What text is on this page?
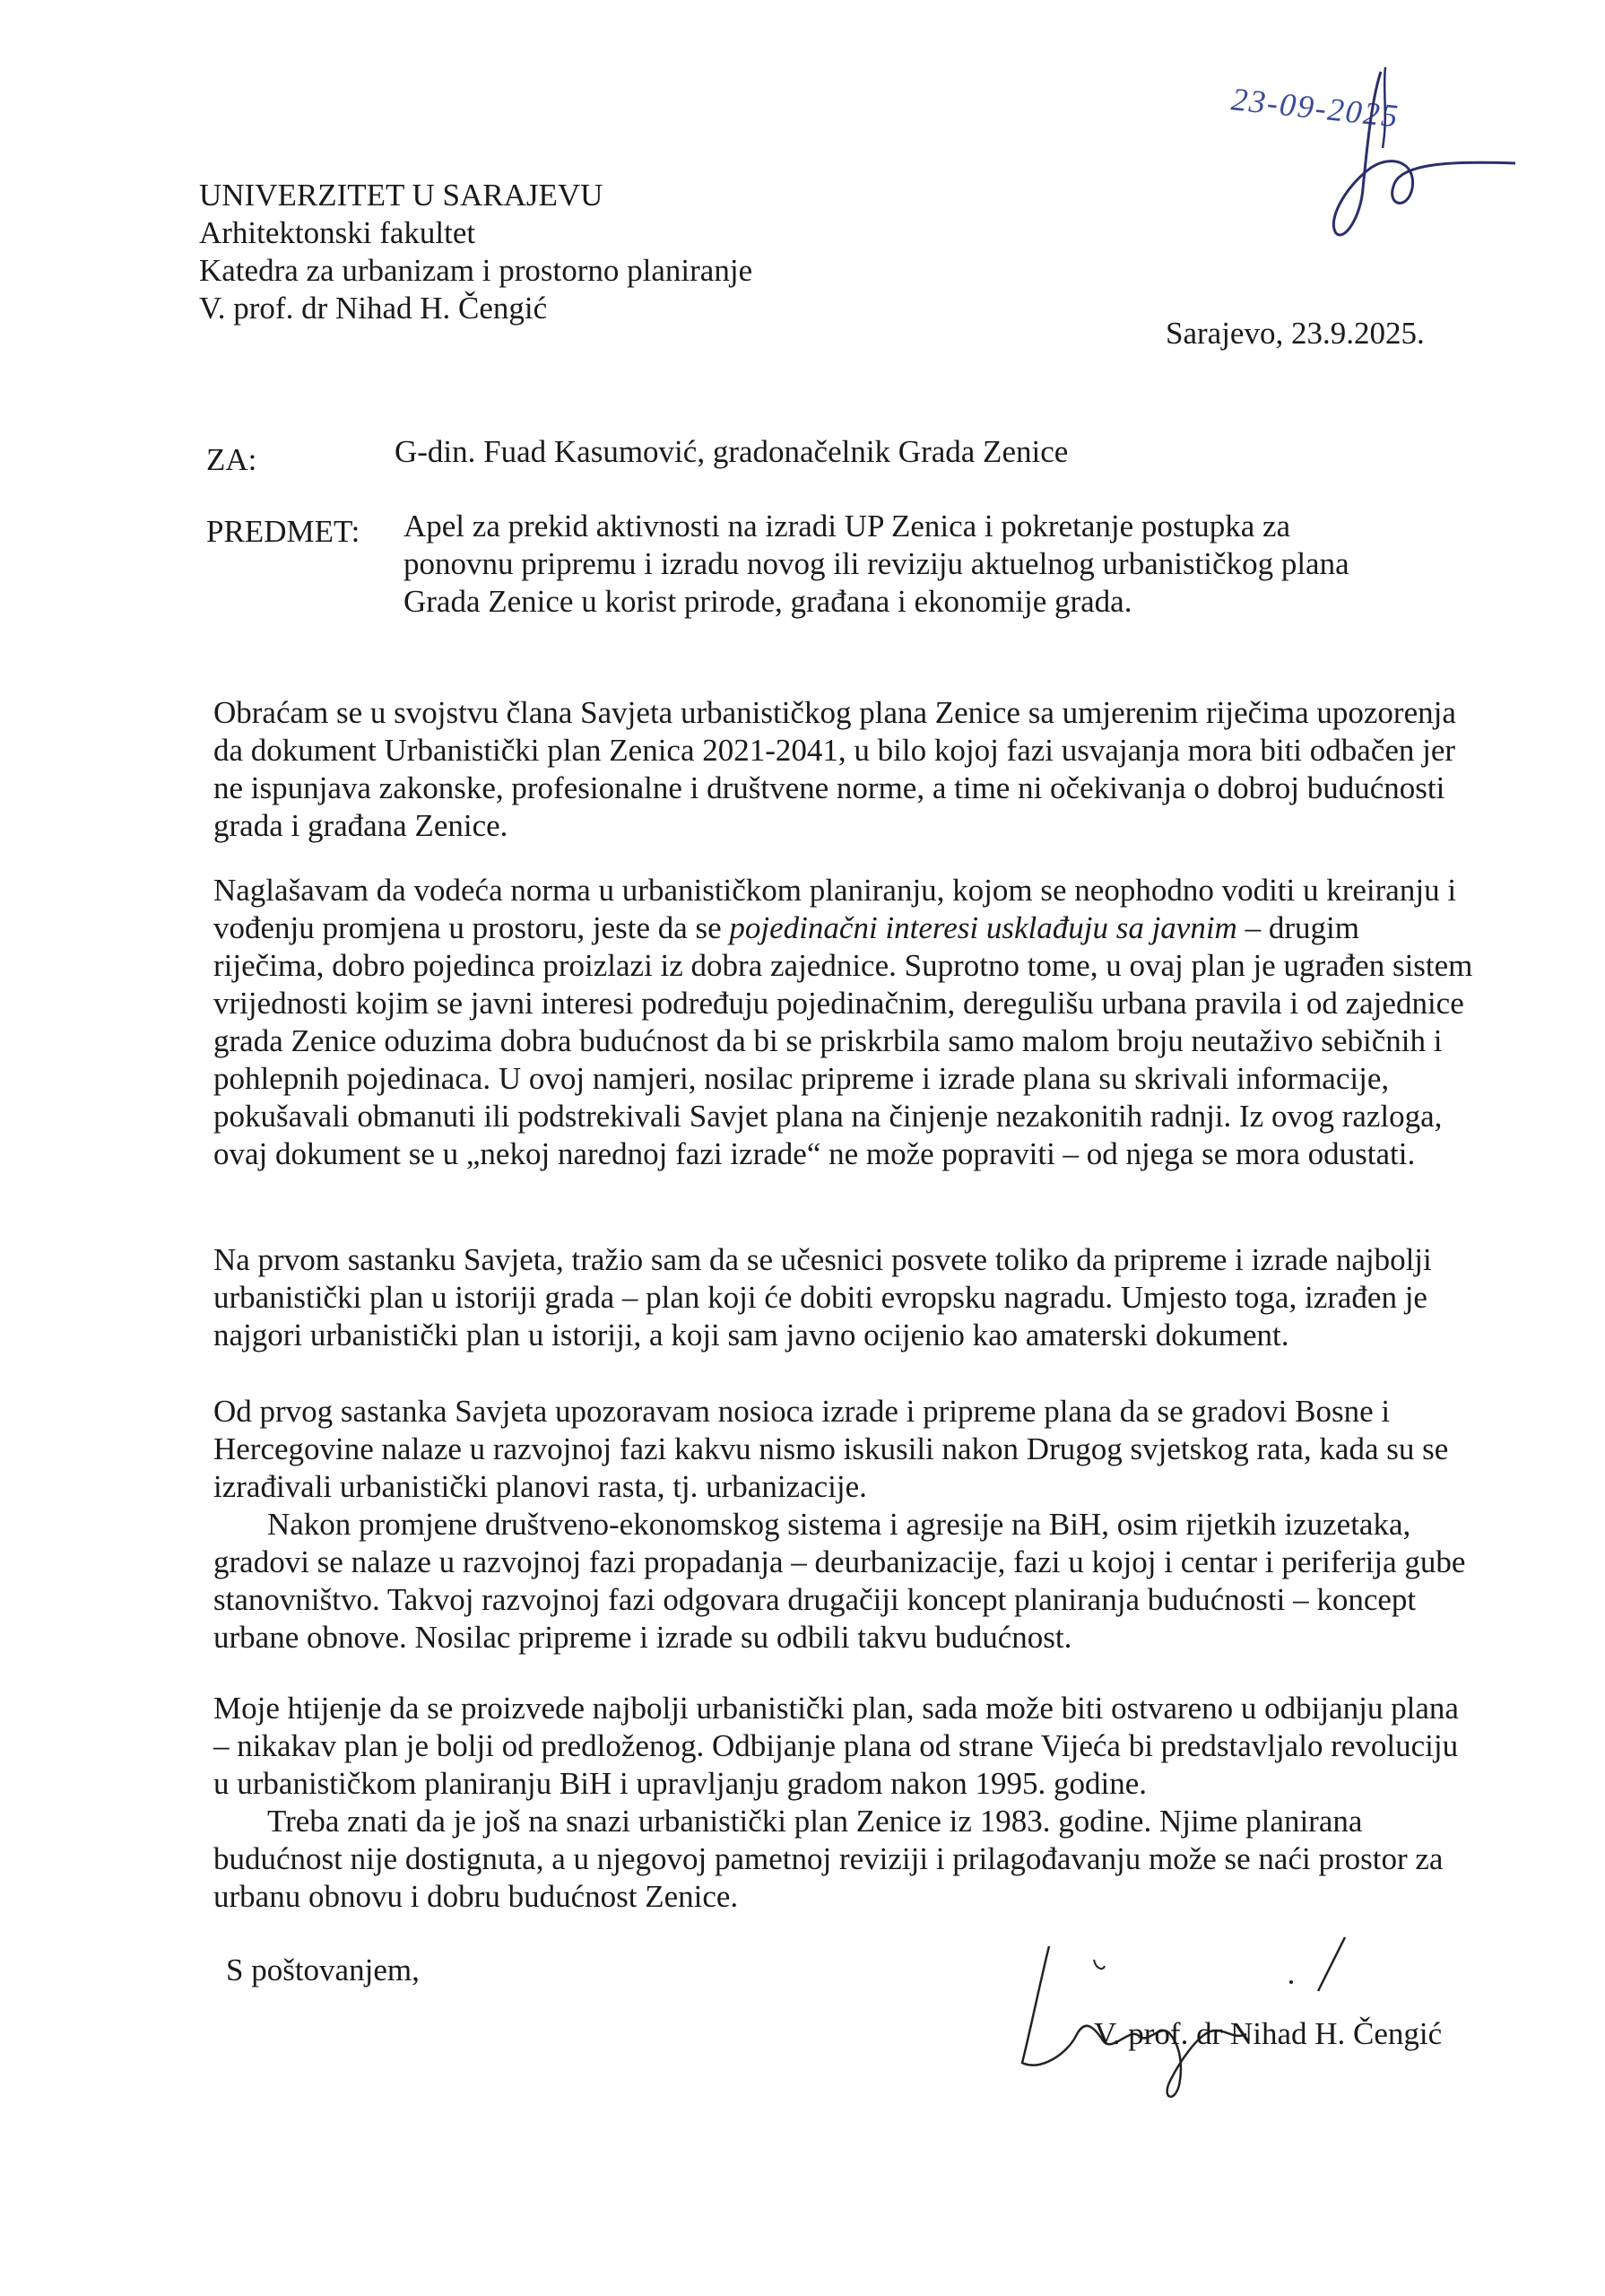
23-09-2025
UNIVERZITET U SARAJEVU
Arhitektonski fakultet
Katedra za urbanizam i prostorno planiranje
V. prof. dr Nihad H. Čengić
Sarajevo, 23.9.2025.
ZA:	G-din. Fuad Kasumović, gradonačelnik Grada Zenice
PREDMET: Apel za prekid aktivnosti na izradi UP Zenica i pokretanje postupka za
ponovnu pripremu i izradu novog ili reviziju aktuelnog urbanističkog plana
Grada Zenice u korist prirode, građana i ekonomije grada.

Obraćam se u svojstvu člana Savjeta urbanističkog plana Zenice sa umjerenim riječima upozorenja da dokument Urbanistički plan Zenica 2021-2041, u bilo kojoj fazi usvajanja mora biti odbačen jer ne ispunjava zakonske, profesionalne i društvene norme, a time ni očekivanja o dobroj budućnosti grada i građana Zenice.

Naglašavam da vodeća norma u urbanističkom planiranju, kojom se neophodno voditi u kreiranju i vođenju promjena u prostoru, jeste da se pojedinačni interesi usklađuju sa javnim – drugim riječima, dobro pojedinca proizlazi iz dobra zajednice. Suprotno tome, u ovaj plan je ugrađen sistem vrijednosti kojim se javni interesi podređuju pojedinačnim, deregulišu urbana pravila i od zajednice grada Zenice oduzima dobra budućnost da bi se priskrbila samo malom broju neutaživo sebičnih i pohlepnih pojedinaca. U ovoj namjeri, nosilac pripreme i izrade plana su skrivali informacije, pokušavali obmanuti ili podstrekivali Savjet plana na činjenje nezakonitih radnji. Iz ovog razloga, ovaj dokument se u „nekoj narednoj fazi izrade“ ne može popraviti – od njega se mora odustati.

Na prvom sastanku Savjeta, tražio sam da se učesnici posvete toliko da pripreme i izrade najbolji urbanistički plan u istoriji grada – plan koji će dobiti evropsku nagradu. Umjesto toga, izrađen je najgori urbanistički plan u istoriji, a koji sam javno ocijenio kao amaterski dokument.

Od prvog sastanka Savjeta upozoravam nosioca izrade i pripreme plana da se gradovi Bosne i Hercegovine nalaze u razvojnoj fazi kakvu nismo iskusili nakon Drugog svjetskog rata, kada su se izrađivali urbanistički planovi rasta, tj. urbanizacije.

Nakon promjene društveno-ekonomskog sistema i agresije na BiH, osim rijetkih izuzetaka, gradovi se nalaze u razvojnoj fazi propadanja – deurbanizacije, fazi u kojoj i centar i periferija gube stanovništvo. Takvoj razvojnoj fazi odgovara drugačiji koncept planiranja budućnosti – koncept urbane obnove. Nosilac pripreme i izrade su odbili takvu budućnost.

Moje htijenje da se proizvede najbolji urbanistički plan, sada može biti ostvareno u odbijanju plana – nikakav plan je bolji od predloženog. Odbijanje plana od strane Vijeća bi predstavljalo revoluciju u urbanističkom planiranju BiH i upravljanju gradom nakon 1995. godine.

Treba znati da je još na snazi urbanistički plan Zenice iz 1983. godine. Njime planirana budućnost nije dostignuta, a u njegovoj pametnoj reviziji i prilagođavanju može se naći prostor za urbanu obnovu i dobru budućnost Zenice.

S poštovanjem,
V. prof. dr Nihad H. Čengić
